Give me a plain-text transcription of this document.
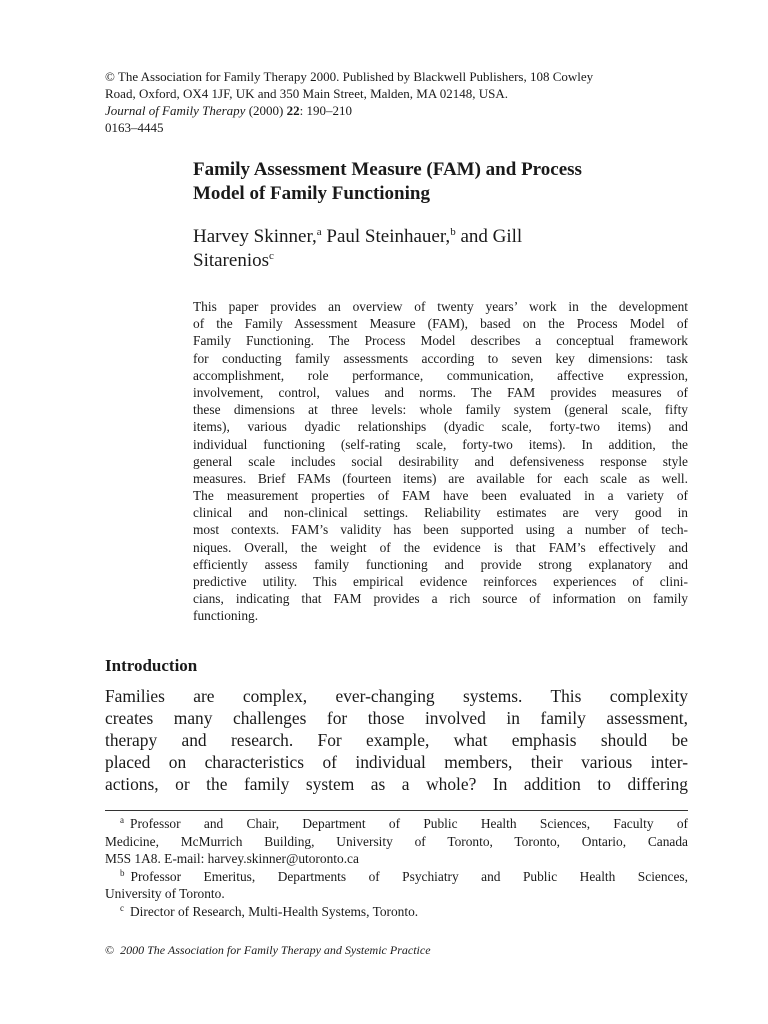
© The Association for Family Therapy 2000. Published by Blackwell Publishers, 108 Cowley
Road, Oxford, OX4 1JF, UK and 350 Main Street, Malden, MA 02148, USA.
Journal of Family Therapy (2000) 22: 190–210
0163–4445
Family Assessment Measure (FAM) and Process
Model of Family Functioning
Harvey Skinner,$^a$ Paul Steinhauer,$^b$ and Gill
Sitarenios$^c$
This paper provides an overview of twenty years’ work in the development
of the Family Assessment Measure (FAM), based on the Process Model of
Family Functioning. The Process Model describes a conceptual framework
for conducting family assessments according to seven key dimensions: task
accomplishment, role performance, communication, affective expression,
involvement, control, values and norms. The FAM provides measures of
these dimensions at three levels: whole family system (general scale, fifty
items), various dyadic relationships (dyadic scale, forty-two items) and
individual functioning (self-rating scale, forty-two items). In addition, the
general scale includes social desirability and defensiveness response style
measures. Brief FAMs (fourteen items) are available for each scale as well.
The measurement properties of FAM have been evaluated in a variety of
clinical and non-clinical settings. Reliability estimates are very good in
most contexts. FAM’s validity has been supported using a number of tech-
niques. Overall, the weight of the evidence is that FAM’s effectively and
efficiently assess family functioning and provide strong explanatory and
predictive utility. This empirical evidence reinforces experiences of clini-
cians, indicating that FAM provides a rich source of information on family
functioning.
Introduction
Families are complex, ever-changing systems. This complexity
creates many challenges for those involved in family assessment,
therapy and research. For example, what emphasis should be
placed on characteristics of individual members, their various inter-
actions, or the family system as a whole? In addition to differing
$^a$ Professor and Chair, Department of Public Health Sciences, Faculty of
Medicine, McMurrich Building, University of Toronto, Toronto, Ontario, Canada
M5S 1A8. E-mail: harvey.skinner@utoronto.ca
$^b$ Professor Emeritus, Departments of Psychiatry and Public Health Sciences,
University of Toronto.
$^c$ Director of Research, Multi-Health Systems, Toronto.
© 2000 The Association for Family Therapy and Systemic Practice
